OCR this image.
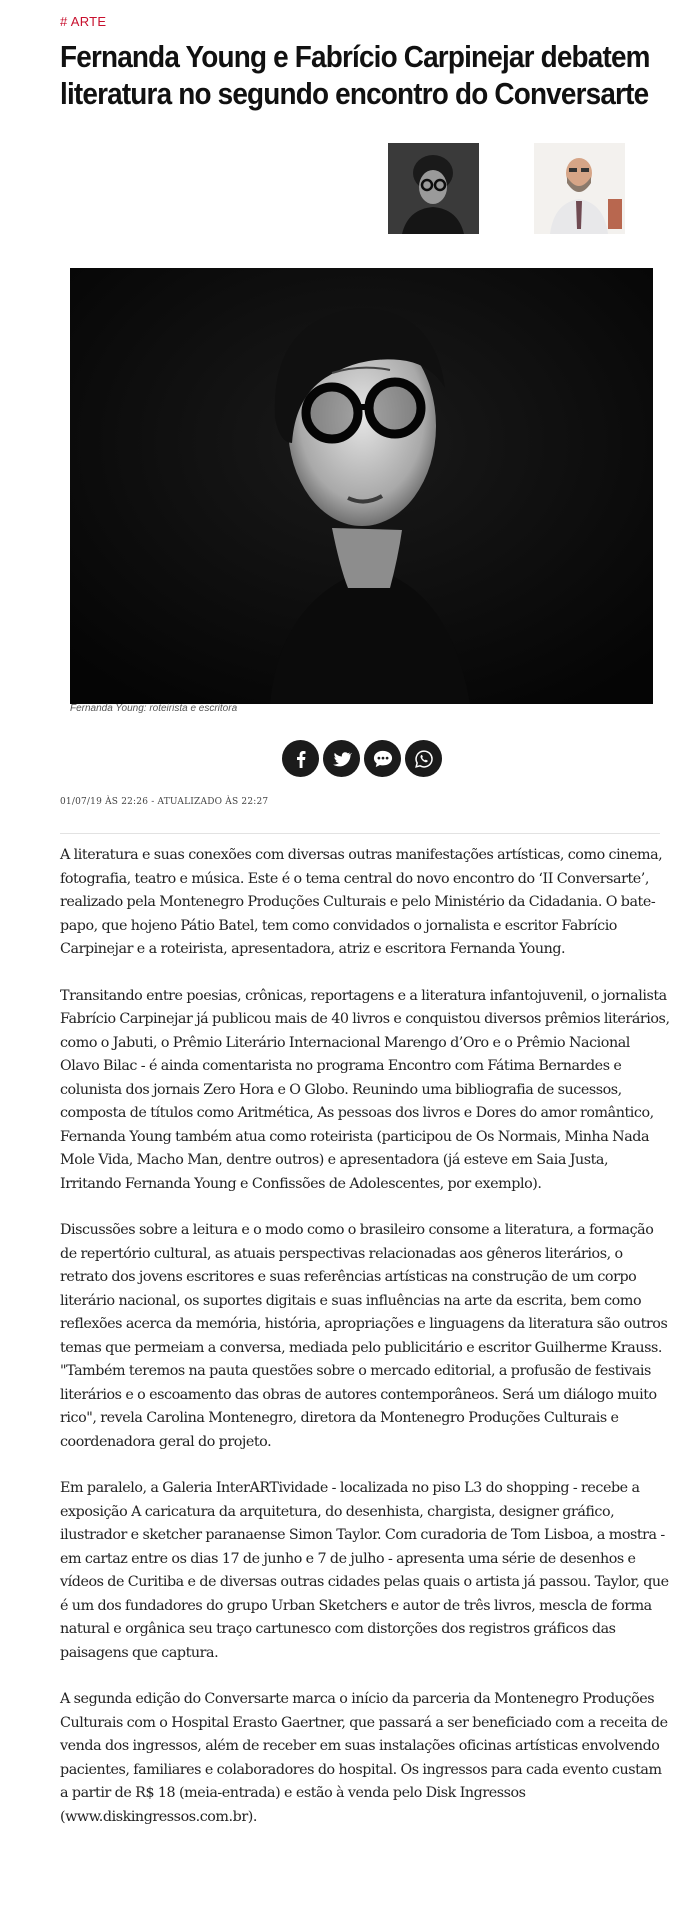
# ARTE
Fernanda Young e Fabrício Carpinejar debatem
literatura no segundo encontro do Conversarte
Fernanda Young: roteirista e escritora
01/07/19 ÀS 22:26 - ATUALIZADO ÀS 22:27

A literatura e suas conexões com diversas outras manifestações artísticas, como cinema, fotografia, teatro e música. Este é o tema central do novo encontro do ‘II Conversarte’, realizado pela Montenegro Produções Culturais e pelo Ministério da Cidadania. O bate-papo, que hojeno Pátio Batel, tem como convidados o jornalista e escritor Fabrício Carpinejar e a roteirista, apresentadora, atriz e escritora Fernanda Young.

Transitando entre poesias, crônicas, reportagens e a literatura infantojuvenil, o jornalista Fabrício Carpinejar já publicou mais de 40 livros e conquistou diversos prêmios literários, como o Jabuti, o Prêmio Literário Internacional Marengo d’Oro e o Prêmio Nacional Olavo Bilac - é ainda comentarista no programa Encontro com Fátima Bernardes e colunista dos jornais Zero Hora e O Globo. Reunindo uma bibliografia de sucessos, composta de títulos como Aritmética, As pessoas dos livros e Dores do amor romântico, Fernanda Young também atua como roteirista (participou de Os Normais, Minha Nada Mole Vida, Macho Man, dentre outros) e apresentadora (já esteve em Saia Justa, Irritando Fernanda Young e Confissões de Adolescentes, por exemplo).

Discussões sobre a leitura e o modo como o brasileiro consome a literatura, a formação de repertório cultural, as atuais perspectivas relacionadas aos gêneros literários, o retrato dos jovens escritores e suas referências artísticas na construção de um corpo literário nacional, os suportes digitais e suas influências na arte da escrita, bem como reflexões acerca da memória, história, apropriações e linguagens da literatura são outros temas que permeiam a conversa, mediada pelo publicitário e escritor Guilherme Krauss. "Também teremos na pauta questões sobre o mercado editorial, a profusão de festivais literários e o escoamento das obras de autores contemporâneos. Será um diálogo muito rico", revela Carolina Montenegro, diretora da Montenegro Produções Culturais e coordenadora geral do projeto.

Em paralelo, a Galeria InterARTividade - localizada no piso L3 do shopping - recebe a exposição A caricatura da arquitetura, do desenhista, chargista, designer gráfico, ilustrador e sketcher paranaense Simon Taylor. Com curadoria de Tom Lisboa, a mostra - em cartaz entre os dias 17 de junho e 7 de julho - apresenta uma série de desenhos e vídeos de Curitiba e de diversas outras cidades pelas quais o artista já passou. Taylor, que é um dos fundadores do grupo Urban Sketchers e autor de três livros, mescla de forma natural e orgânica seu traço cartunesco com distorções dos registros gráficos das paisagens que captura.

A segunda edição do Conversarte marca o início da parceria da Montenegro Produções Culturais com o Hospital Erasto Gaertner, que passará a ser beneficiado com a receita de venda dos ingressos, além de receber em suas instalações oficinas artísticas envolvendo pacientes, familiares e colaboradores do hospital. Os ingressos para cada evento custam a partir de R$ 18 (meia-entrada) e estão à venda pelo Disk Ingressos (www.diskingressos.com.br).
